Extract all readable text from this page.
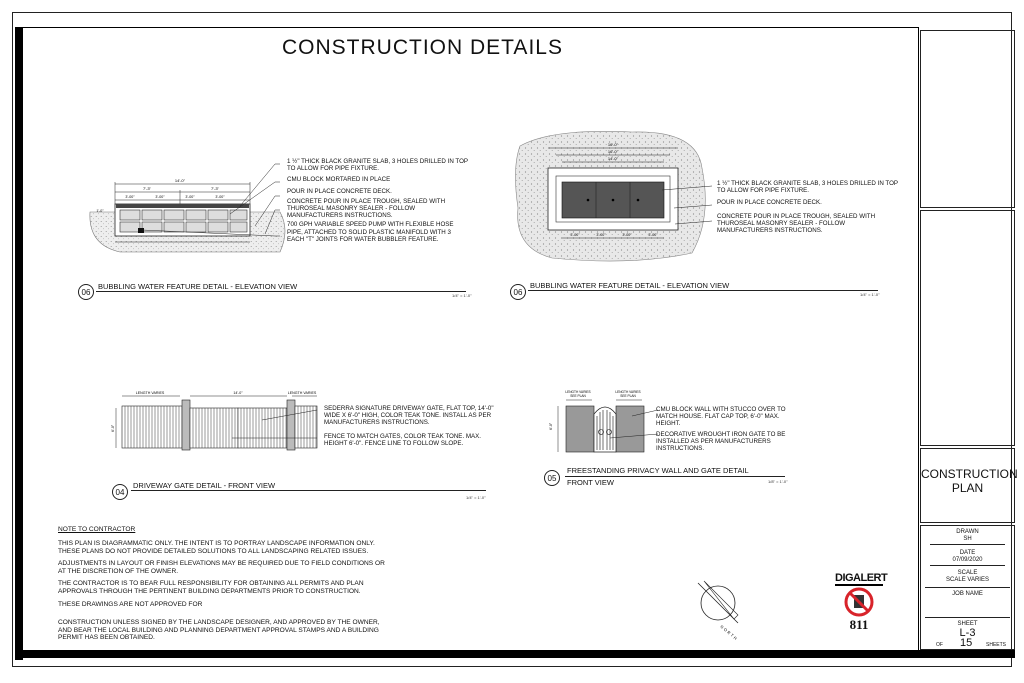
CONSTRUCTION DETAILS
14'-0"
7'-3"	7'-3"
3'-00"	3'-00"	3'-00"	3'-00"
1'-0"
1 ½" THICK BLACK GRANITE SLAB, 3 HOLES DRILLED IN TOP
TO ALLOW FOR PIPE FIXTURE.
CMU BLOCK MORTARED IN PLACE
POUR IN PLACE CONCRETE DECK.
CONCRETE POUR IN PLACE TROUGH, SEALED WITH
THUROSEAL MASONRY SEALER - FOLLOW
MANUFACTURERS INSTRUCTIONS.
700 GPH VARIABLE SPEED PUMP WITH FLEXIBLE HOSE
PIPE, ATTACHED TO SOLID PLASTIC MANIFOLD WITH 3
EACH "T" JOINTS FOR WATER BUBBLER FEATURE.
06
BUBBLING WATER FEATURE DETAIL - ELEVATION VIEW
1/4" = 1'-0"
16'-0"
16'-0"
14'-0"
3'-00"	3'-00"	3'-00"	3'-00"
1 ½" THICK BLACK GRANITE SLAB, 3 HOLES DRILLED IN TOP
TO ALLOW FOR PIPE FIXTURE.
POUR IN PLACE CONCRETE DECK.
CONCRETE POUR IN PLACE TROUGH, SEALED WITH
THUROSEAL MASONRY SEALER - FOLLOW
MANUFACTURERS INSTRUCTIONS.
06
BUBBLING WATER FEATURE DETAIL - ELEVATION VIEW
1/4" = 1'-0"
LENGTH VARIES	14'-0"	LENGTH VARIES
6'-0"
SEDERRA SIGNATURE DRIVEWAY GATE, FLAT TOP, 14'-0"
WIDE X 6'-0" HIGH, COLOR TEAK TONE. INSTALL AS PER
MANUFACTURERS INSTRUCTIONS.
FENCE TO MATCH GATES, COLOR TEAK TONE. MAX.
HEIGHT 6'-0". FENCE LINE TO FOLLOW SLOPE.
04
DRIVEWAY GATE DETAIL - FRONT VIEW
1/4" = 1'-0"
LENGTH VARIES
SEE PLAN
LENGTH VARIES
SEE PLAN
6'-0"
CMU BLOCK WALL WITH STUCCO OVER TO
MATCH HOUSE. FLAT CAP TOP, 6'-0" MAX.
HEIGHT.
DECORATIVE WROUGHT IRON GATE TO BE
INSTALLED AS PER MANUFACTURERS
INSTRUCTIONS.
05
FREESTANDING PRIVACY WALL AND GATE DETAIL
FRONT VIEW	1/8" = 1'-0"
NOTE TO CONTRACTOR
THIS PLAN IS DIAGRAMMATIC ONLY. THE INTENT IS TO PORTRAY LANDSCAPE INFORMATION ONLY.
THESE PLANS DO NOT PROVIDE DETAILED SOLUTIONS TO ALL LANDSCAPING RELATED ISSUES.
ADJUSTMENTS IN LAYOUT OR FINISH ELEVATIONS MAY BE REQUIRED DUE TO FIELD CONDITIONS OR
AT THE DISCRETION OF THE OWNER.
THE CONTRACTOR IS TO BEAR FULL RESPONSIBILITY FOR OBTAINING ALL PERMITS AND PLAN
APPROVALS THROUGH THE PERTINENT BUILDING DEPARTMENTS PRIOR TO CONSTRUCTION.
THESE DRAWINGS ARE NOT APPROVED FOR
CONSTRUCTION UNLESS SIGNED BY THE LANDSCAPE DESIGNER, AND APPROVED BY THE OWNER,
AND BEAR THE LOCAL BUILDING AND PLANNING DEPARTMENT APPROVAL STAMPS AND A BUILDING
PERMIT HAS BEEN OBTAINED.	NORTH
DIGALERT
811
CONSTRUCTION
PLAN
DRAWN
SH
DATE
07/09/2020
SCALE
SCALE VARIES
JOB NAME
SHEET
L-3
OF 15	SHEETS
